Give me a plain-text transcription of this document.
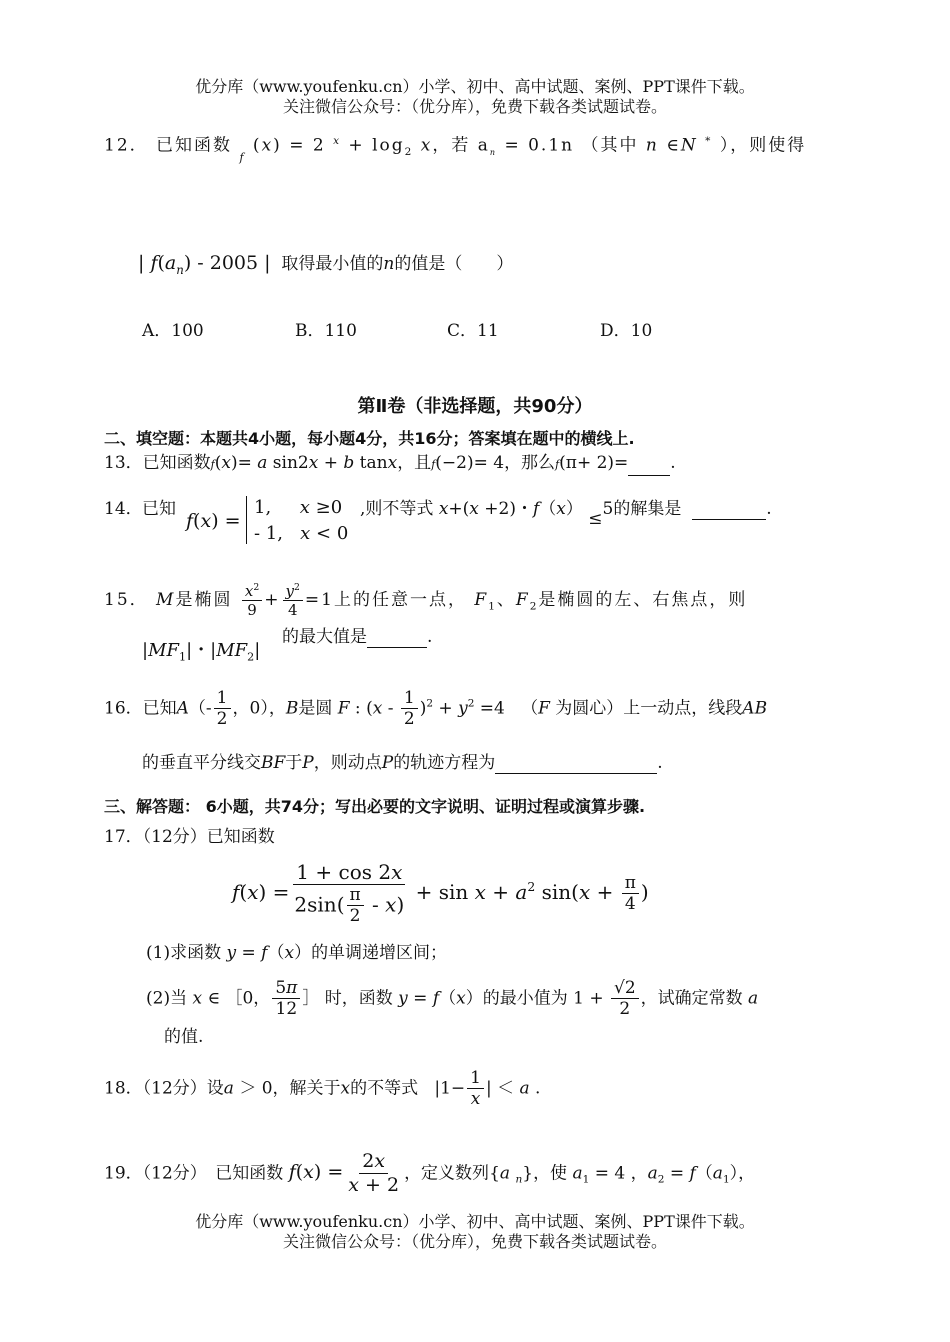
优分库（www.youfenku.cn）小学、初中、高中试题、案例、PPT课件下载。
关注微信公众号：（优分库），免费下载各类试题试卷。
12． 已知函数 $_f$ (x) = 2 $^x + \log_2 x$，若 $a_n = 0.1n$ （其中 n ∈N * ），则使得
| $f(a_n) - 2005$ | 取得最小值的n的值是（　　）
A．100	B．110	C．11	D．10
第Ⅱ卷（非选择题，共90分）
二、填空题：本题共4小题，每小题4分，共16分；答案填在题中的横线上.
13．已知函数f(x)= a sin2x + b tanx，且f(−2)= 4，那么f(π+ 2)= .
14． 已知
f(x) =
1,     x ≥0
- 1,   x < 0
,则不等式 x+(x +2)・f（x） ≤5的解集是	.
15． M是椭圆 $\frac{x^2}{9} + \frac{y^2}{4} =1$上的任意一点， $F_1$、$F_2$是椭圆的左、右焦点，则
$|MF_1|$・$|MF_2|$
的最大值是	.
16．已知$A(- \frac{1}{2}$ ，0），B是圆 F : $(x - \frac{1}{2} )^2 + y^2 =4$   （F 为圆心）上一动点，线段AB
的垂直平分线交BF于P，则动点P的轨迹方程为	.
三、解答题： 6小题，共74分；写出必要的文字说明、证明过程或演算步骤.
17．（12分）已知函数
$f(x) = \frac{1 + \cos 2x}{2\sin( \frac{\pi}{2} - x)} + \sin x + a^2$ $\sin(x + \frac{\pi}{4}$ )
(1)求函数 y = f（x）的单调递增区间；
(2)当 x ∈ ［0， $\frac{5\pi}{12}$ ］ 时，函数 y = f（x）的最小值为 $1 + \frac{√2}{2}$ ，试确定常数 a
的值.
18．（12分）设a ＞ 0，解关于x的不等式   $|1- \frac{1}{x}$ | ＜ a .
19．（12分）　已知函数 $f(x) = \frac{2x}{x + 2}$ ，定义数列{a $_n$}，使 $a_1 = 4$ ，$a_2 = f(a_1)$，
优分库（www.youfenku.cn）小学、初中、高中试题、案例、PPT课件下载。
关注微信公众号：（优分库），免费下载各类试题试卷。
